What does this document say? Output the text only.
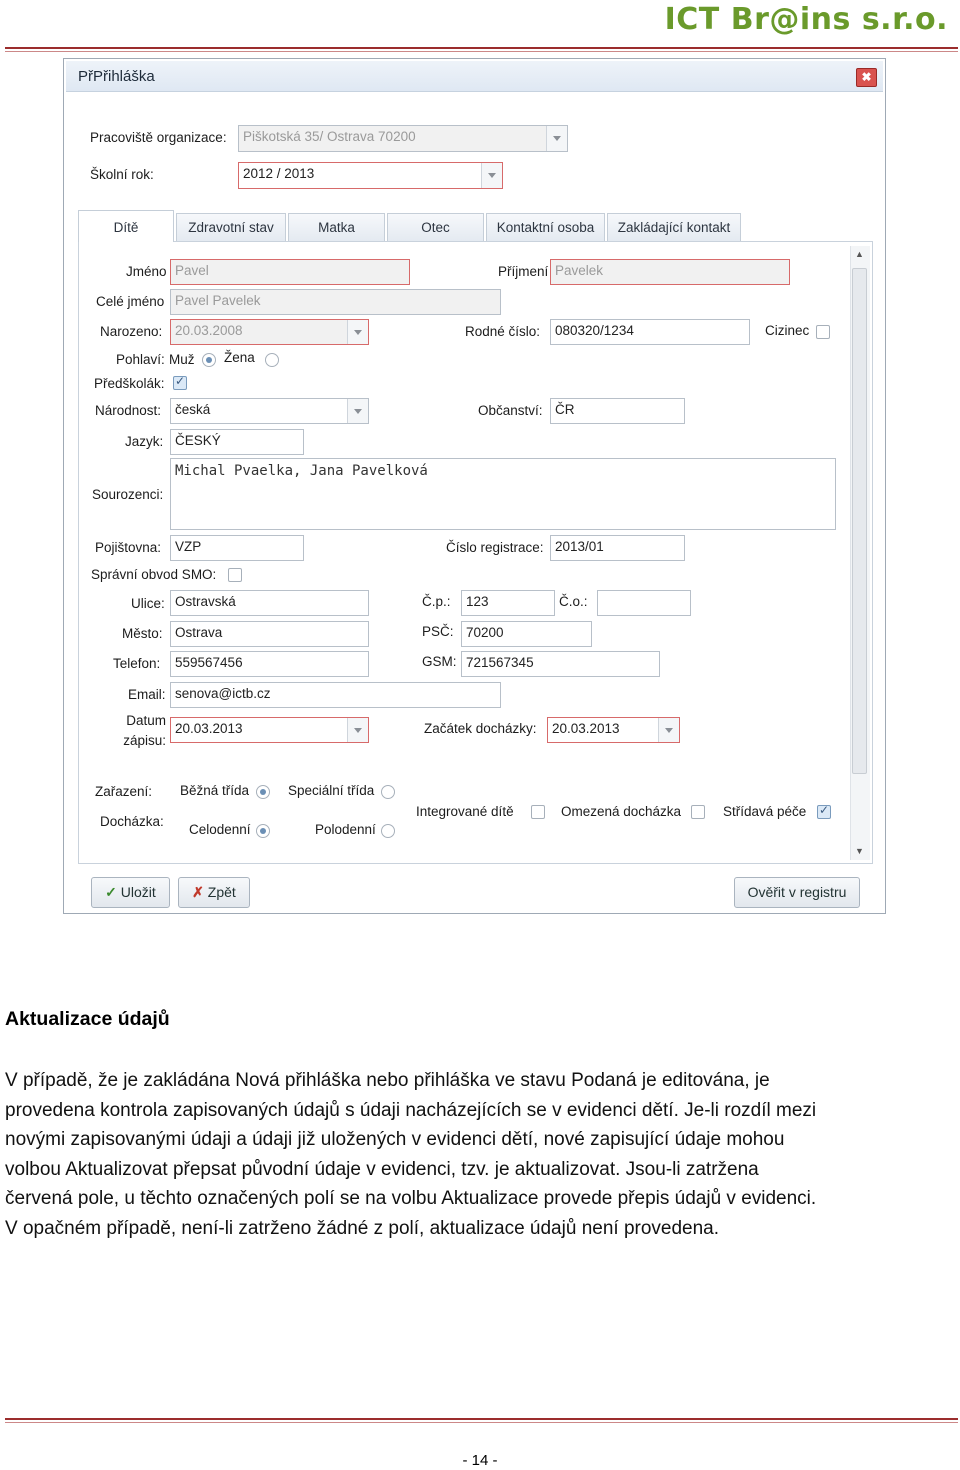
ICT Br@ins s.r.o.
PřPřihláška	✖
Pracoviště organizace:	Piškotská 35/ Ostrava 70200
Školní rok:	2012 / 2013
Dítě	Zdravotní stav	Matka	Otec	Kontaktní osoba	Zakládající kontakt
▲
▼
Jméno Pavel	Příjmení Pavelek
Celé jméno Pavel Pavelek
Narozeno: 20.03.2008	Rodné číslo:	080320/1234	Cizinec
Pohlaví: Muž Žena
Předškolák:
✓
Národnost:	česká	Občanství: ČR
Jazyk: ČESKÝ
Sourozenci:
Michal Pvaelka, Jana Pavelková
Pojištovna:	VZP	Číslo registrace: 2013/01
Správní obvod SMO:
Ulice: Ostravská	Č.p.:	123	Č.o.:
Město: Ostrava	PSČ: 70200
Telefon:	559567456	GSM: 721567345
Email: senova@ictb.cz
Datum
zápisu:
20.03.2013	Začátek docházky:	20.03.2013
Zařazení: Běžná třída	Speciální třída
Docházka:
Celodenní	Polodenní
Integrované dítě	Omezená docházka	Střídavá péče
✓
✓ Uložit	✗ Zpět	Ověřit v registru
Aktualizace údajů
V případě, že je zakládána Nová přihláška nebo přihláška ve stavu Podaná je editována, je
provedena kontrola zapisovaných údajů s údaji nacházejících se v evidenci dětí. Je-li rozdíl mezi
novými zapisovanými údaji a údaji již uložených v evidenci dětí, nové zapisující údaje mohou
volbou Aktualizovat přepsat původní údaje v evidenci, tzv. je aktualizovat. Jsou-li zatržena
červená pole, u těchto označených polí se na volbu Aktualizace provede přepis údajů v evidenci.
V opačném případě, není-li zatrženo žádné z polí, aktualizace údajů není provedena.
- 14 -
